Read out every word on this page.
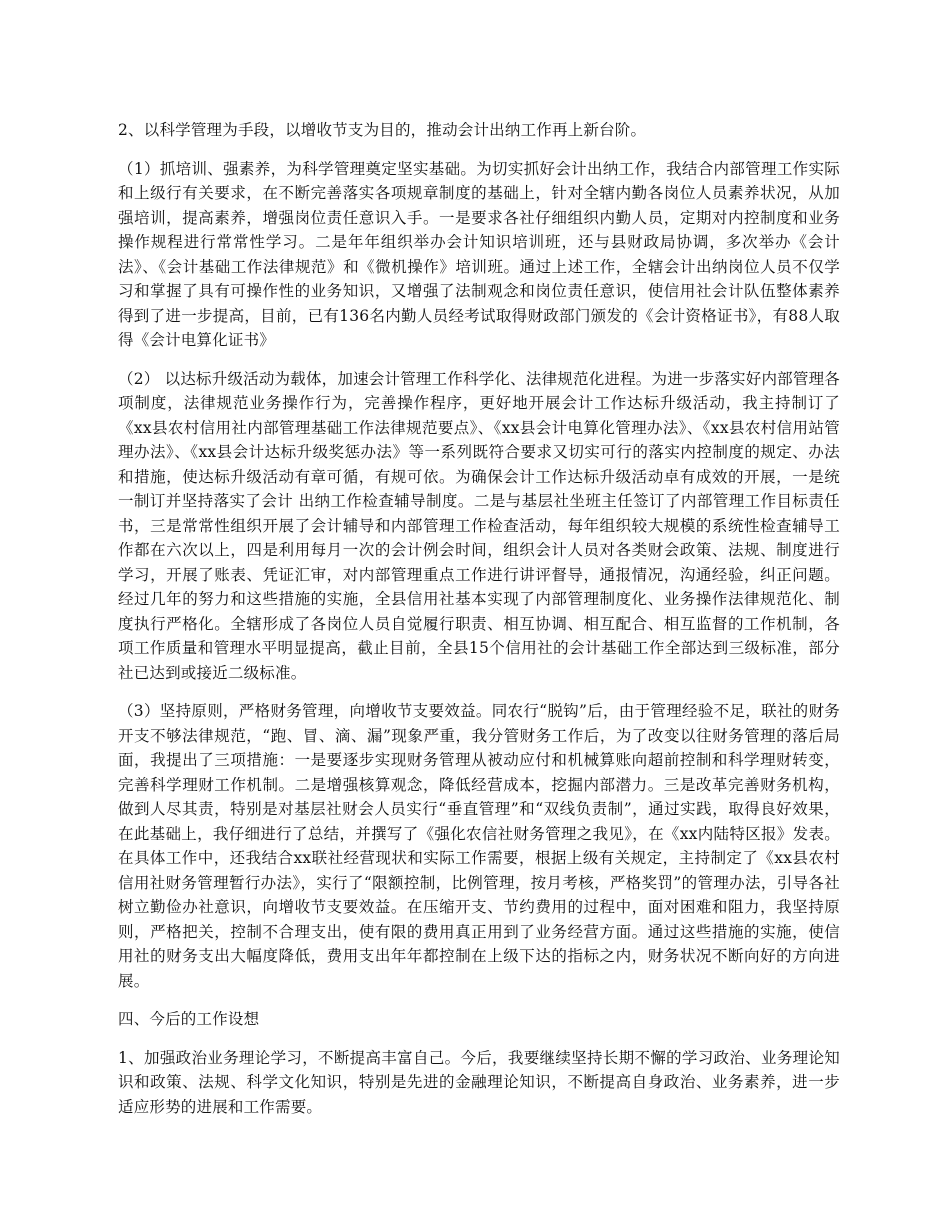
2、以科学管理为手段，以增收节支为目的，推动会计出纳工作再上新台阶。

（1）抓培训、强素养，为科学管理奠定坚实基础。为切实抓好会计出纳工作，我结合内部管理工作实际和上级行有关要求，在不断完善落实各项规章制度的基础上，针对全辖内勤各岗位人员素养状况，从加强培训，提高素养，增强岗位责任意识入手。一是要求各社仔细组织内勤人员，定期对内控制度和业务操作规程进行常常性学习。二是年年组织举办会计知识培训班，还与县财政局协调，多次举办《会计法》、《会计基础工作法律规范》和《微机操作》培训班。通过上述工作，全辖会计出纳岗位人员不仅学习和掌握了具有可操作性的业务知识，又增强了法制观念和岗位责任意识，使信用社会计队伍整体素养得到了进一步提高，目前，已有136名内勤人员经考试取得财政部门颁发的《会计资格证书》，有88人取得《会计电算化证书》

（2） 以达标升级活动为载体，加速会计管理工作科学化、法律规范化进程。为进一步落实好内部管理各项制度，法律规范业务操作行为，完善操作程序，更好地开展会计工作达标升级活动，我主持制订了《xx县农村信用社内部管理基础工作法律规范要点》、《xx县会计电算化管理办法》、《xx县农村信用站管理办法》、《xx县会计达标升级奖惩办法》等一系列既符合要求又切实可行的落实内控制度的规定、办法和措施，使达标升级活动有章可循，有规可依。为确保会计工作达标升级活动卓有成效的开展，一是统一制订并坚持落实了会计 出纳工作检查辅导制度。二是与基层社坐班主任签订了内部管理工作目标责任书，三是常常性组织开展了会计辅导和内部管理工作检查活动，每年组织较大规模的系统性检查辅导工作都在六次以上，四是利用每月一次的会计例会时间，组织会计人员对各类财会政策、法规、制度进行学习，开展了账表、凭证汇审，对内部管理重点工作进行讲评督导，通报情况，沟通经验，纠正问题。经过几年的努力和这些措施的实施，全县信用社基本实现了内部管理制度化、业务操作法律规范化、制度执行严格化。全辖形成了各岗位人员自觉履行职责、相互协调、相互配合、相互监督的工作机制，各项工作质量和管理水平明显提高，截止目前，全县15个信用社的会计基础工作全部达到三级标准，部分社已达到或接近二级标准。

（3）坚持原则，严格财务管理，向增收节支要效益。同农行“脱钩”后，由于管理经验不足，联社的财务开支不够法律规范，“跑、冒、滴、漏”现象严重，我分管财务工作后，为了改变以往财务管理的落后局面，我提出了三项措施：一是要逐步实现财务管理从被动应付和机械算账向超前控制和科学理财转变，完善科学理财工作机制。二是增强核算观念，降低经营成本，挖掘内部潜力。三是改革完善财务机构，做到人尽其责，特别是对基层社财会人员实行“垂直管理”和“双线负责制”，通过实践，取得良好效果，在此基础上，我仔细进行了总结，并撰写了《强化农信社财务管理之我见》，在《xx内陆特区报》发表。在具体工作中，还我结合xx联社经营现状和实际工作需要，根据上级有关规定，主持制定了《xx县农村信用社财务管理暂行办法》，实行了“限额控制，比例管理，按月考核，严格奖罚”的管理办法，引导各社树立勤俭办社意识，向增收节支要效益。在压缩开支、节约费用的过程中，面对困难和阻力，我坚持原则，严格把关，控制不合理支出，使有限的费用真正用到了业务经营方面。通过这些措施的实施，使信用社的财务支出大幅度降低，费用支出年年都控制在上级下达的指标之内，财务状况不断向好的方向进展。

四、今后的工作设想

1、加强政治业务理论学习，不断提高丰富自己。今后，我要继续坚持长期不懈的学习政治、业务理论知识和政策、法规、科学文化知识，特别是先进的金融理论知识，不断提高自身政治、业务素养，进一步适应形势的进展和工作需要。
